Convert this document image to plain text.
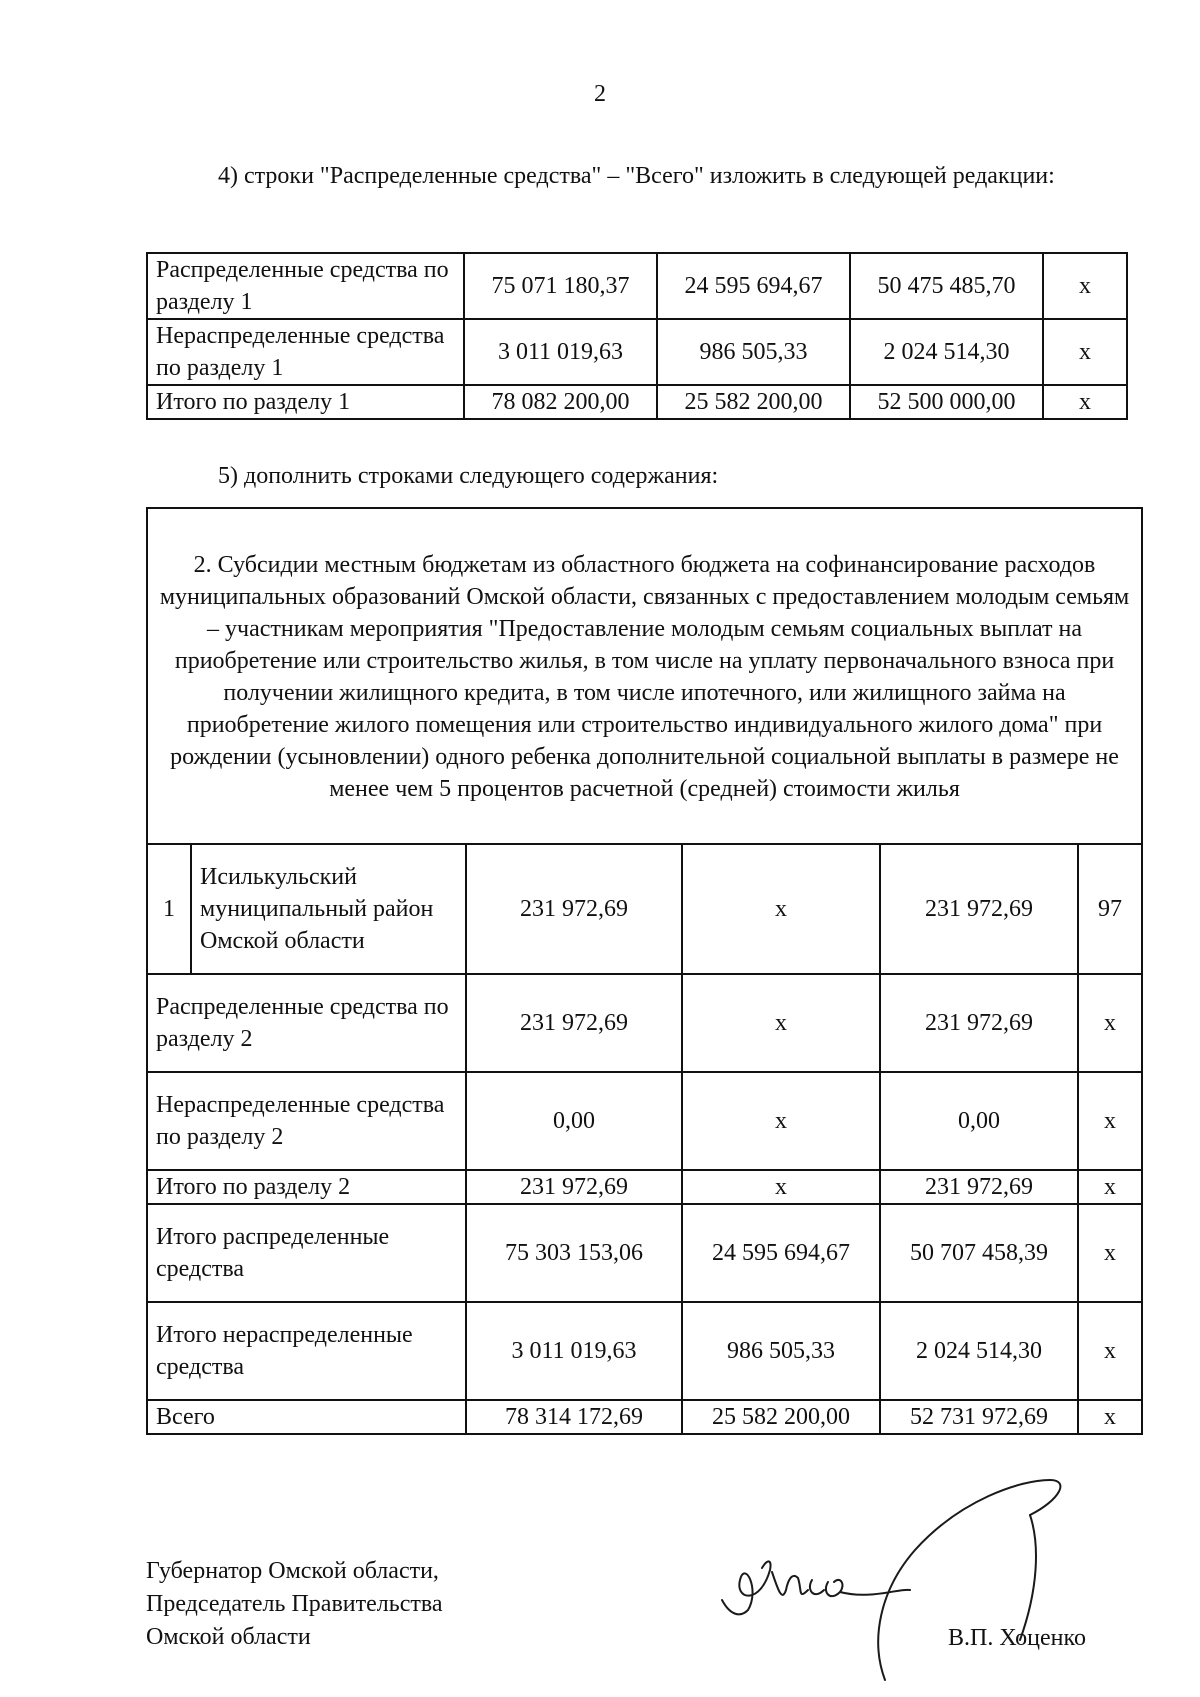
2
4) строки "Распределенные средства" – "Всего" изложить в следующей редакции:
Распределенные средства по разделу 1	75 071 180,37	24 595 694,67	50 475 485,70	x
Нераспределенные средства по разделу 1	3 011 019,63	986 505,33	2 024 514,30	x
Итого по разделу 1	78 082 200,00	25 582 200,00	52 500 000,00	x
5) дополнить строками следующего содержания:
2. Субсидии местным бюджетам из областного бюджета на софинансирование расходов муниципальных образований Омской области, связанных с предоставлением молодым семьям – участникам мероприятия "Предоставление молодым семьям социальных выплат на приобретение или строительство жилья, в том числе на уплату первоначального взноса при получении жилищного кредита, в том числе ипотечного, или жилищного займа на приобретение жилого помещения или строительство индивидуального жилого дома" при рождении (усыновлении) одного ребенка дополнительной социальной выплаты в размере не менее чем 5 процентов расчетной (средней) стоимости жилья					
1	Исилькульский муниципальный район Омской области	231 972,69	x	231 972,69	97
Распределенные средства по разделу 2		231 972,69	x	231 972,69	x
Нераспределенные средства по разделу 2		0,00	x	0,00	x
Итого по разделу 2		231 972,69	x	231 972,69	x
Итого распределенные средства		75 303 153,06	24 595 694,67	50 707 458,39	x
Итого нераспределенные средства		3 011 019,63	986 505,33	2 024 514,30	x
Всего		78 314 172,69	25 582 200,00	52 731 972,69	x
Губернатор Омской области,
Председатель Правительства
Омской области	В.П. Хоценко
